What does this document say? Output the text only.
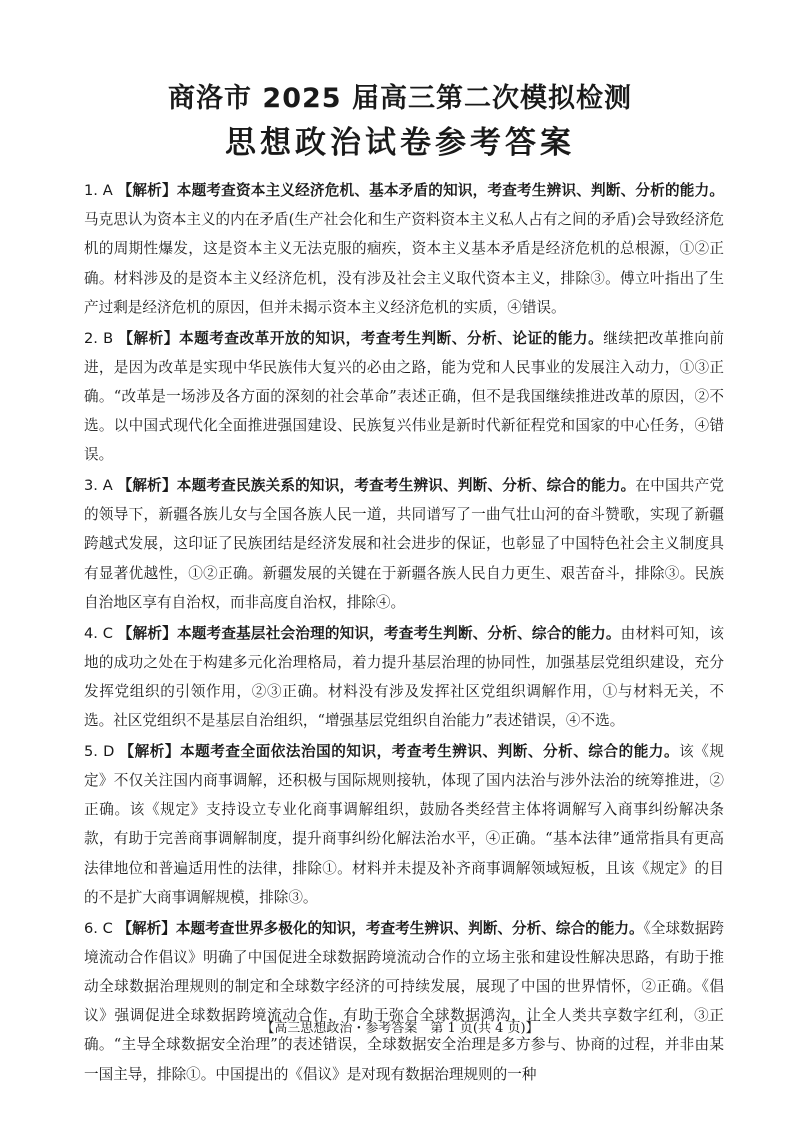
商洛市 2025 届高三第二次模拟检测
思想政治试卷参考答案

1. A 【解析】本题考查资本主义经济危机、基本矛盾的知识，考查考生辨识、判断、分析的能力。马克思认为资本主义的内在矛盾(生产社会化和生产资料资本主义私人占有之间的矛盾)会导致经济危机的周期性爆发，这是资本主义无法克服的痼疾，资本主义基本矛盾是经济危机的总根源，①②正确。材料涉及的是资本主义经济危机，没有涉及社会主义取代资本主义，排除③。傅立叶指出了生产过剩是经济危机的原因，但并未揭示资本主义经济危机的实质，④错误。

2. B 【解析】本题考查改革开放的知识，考查考生判断、分析、论证的能力。继续把改革推向前进，是因为改革是实现中华民族伟大复兴的必由之路，能为党和人民事业的发展注入动力，①③正确。“改革是一场涉及各方面的深刻的社会革命”表述正确，但不是我国继续推进改革的原因，②不选。以中国式现代化全面推进强国建设、民族复兴伟业是新时代新征程党和国家的中心任务，④错误。

3. A 【解析】本题考查民族关系的知识，考查考生辨识、判断、分析、综合的能力。在中国共产党的领导下，新疆各族儿女与全国各族人民一道，共同谱写了一曲气壮山河的奋斗赞歌，实现了新疆跨越式发展，这印证了民族团结是经济发展和社会进步的保证，也彰显了中国特色社会主义制度具有显著优越性，①②正确。新疆发展的关键在于新疆各族人民自力更生、艰苦奋斗，排除③。民族自治地区享有自治权，而非高度自治权，排除④。

4. C 【解析】本题考查基层社会治理的知识，考查考生判断、分析、综合的能力。由材料可知，该地的成功之处在于构建多元化治理格局，着力提升基层治理的协同性，加强基层党组织建设，充分发挥党组织的引领作用，②③正确。材料没有涉及发挥社区党组织调解作用，①与材料无关，不选。社区党组织不是基层自治组织，“增强基层党组织自治能力”表述错误，④不选。

5. D 【解析】本题考查全面依法治国的知识，考查考生辨识、判断、分析、综合的能力。该《规定》不仅关注国内商事调解，还积极与国际规则接轨，体现了国内法治与涉外法治的统筹推进，②正确。该《规定》支持设立专业化商事调解组织，鼓励各类经营主体将调解写入商事纠纷解决条款，有助于完善商事调解制度，提升商事纠纷化解法治水平，④正确。“基本法律”通常指具有更高法律地位和普遍适用性的法律，排除①。材料并未提及补齐商事调解领域短板，且该《规定》的目的不是扩大商事调解规模，排除③。

6. C 【解析】本题考查世界多极化的知识，考查考生辨识、判断、分析、综合的能力。《全球数据跨境流动合作倡议》明确了中国促进全球数据跨境流动合作的立场主张和建设性解决思路，有助于推动全球数据治理规则的制定和全球数字经济的可持续发展，展现了中国的世界情怀，②正确。《倡议》强调促进全球数据跨境流动合作，有助于弥合全球数据鸿沟，让全人类共享数字红利，③正确。“主导全球数据安全治理”的表述错误，全球数据安全治理是多方参与、协商的过程，并非由某一国主导，排除①。中国提出的《倡议》是对现有数据治理规则的一种

【高三思想政治・参考答案　第 1 页(共 4 页)】
